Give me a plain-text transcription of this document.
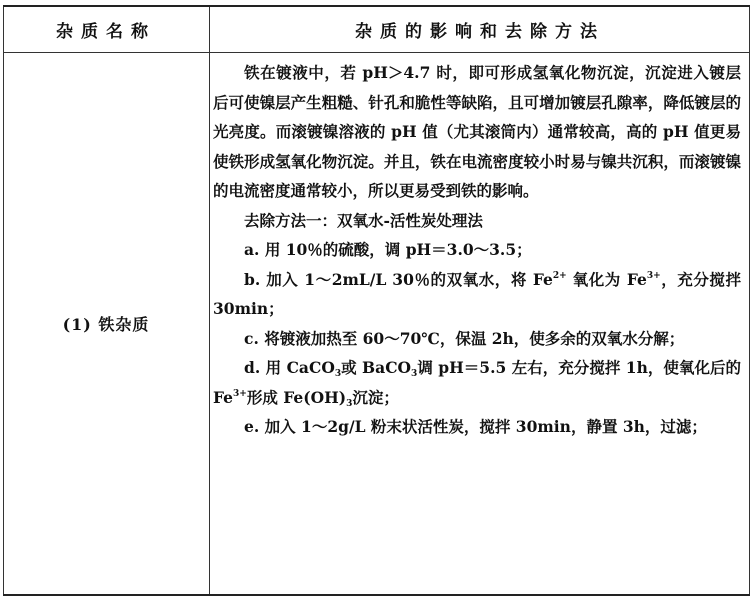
杂质名称	杂质的影响和去除方法
(1) 铁杂质

铁在镀液中，若 pH＞4.7 时，即可形成氢氧化物沉淀，沉淀进入镀层后可使镍层产生粗糙、针孔和脆性等缺陷，且可增加镀层孔隙率，降低镀层的光亮度。而滚镀镍溶液的 pH 值（尤其滚筒内）通常较高，高的 pH 值更易使铁形成氢氧化物沉淀。并且，铁在电流密度较小时易与镍共沉积，而滚镀镍的电流密度通常较小，所以更易受到铁的影响。

去除方法一：双氧水-活性炭处理法

a. 用 10％的硫酸，调 pH＝3.0～3.5；

b. 加入 1～2mL/L 30％的双氧水，将 $Fe^{2+}$ 氧化为 $Fe^{3+}$，充分搅拌 30min；

c. 将镀液加热至 60～70℃，保温 2h，使多余的双氧水分解；

d. 用 CaCO$_3$或 BaCO$_3$调 pH＝5.5 左右，充分搅拌 1h，使氧化后的 $Fe^{3+}$形成 $Fe(OH)_3$沉淀；

e. 加入 1～2g/L 粉末状活性炭，搅拌 30min，静置 3h，过滤；
